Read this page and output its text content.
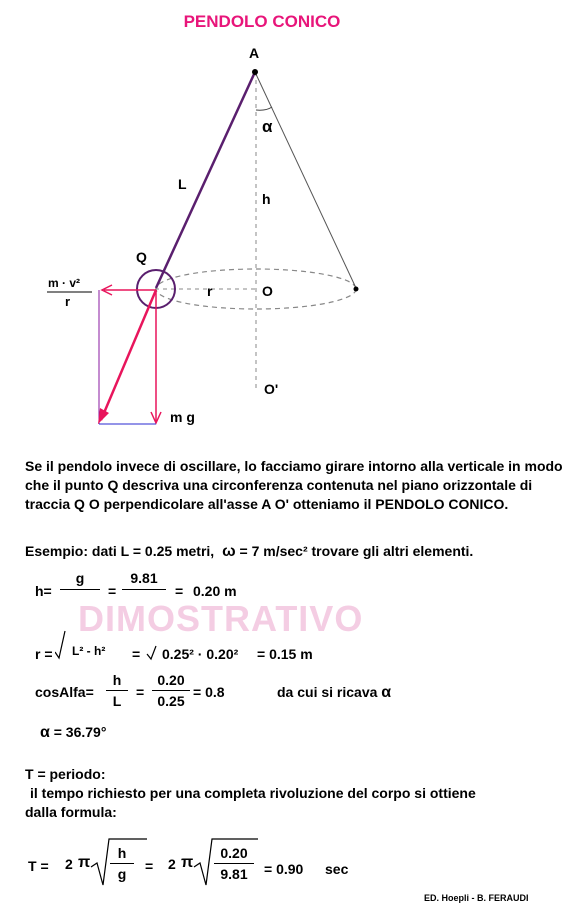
PENDOLO CONICO
A
α
L
h
Q
r	O
O'
m g
m · v²
r
Se il pendolo invece di oscillare, lo facciamo girare intorno alla verticale in modo che il punto Q descriva una circonferenza contenuta nel piano orizzontale di traccia Q O perpendicolare all'asse A O' otteniamo il PENDOLO CONICO.
Esempio: dati L = 0.25 metri, ω = 7 m/sec² trovare gli altri elementi.
h=
g

=
9.81

= 0.20 m
DIMOSTRATIVO
r = L² - h² = 0.25² · 0.20² = 0.15 m
cosAlfa=
h
L
=
0.20
0.25
= 0.8	da cui si ricava α
α = 36.79°
T = periodo:
il tempo richiesto per una completa rivoluzione del corpo si ottiene
dalla formula:
T = 2 π
h
g	= 2 π
0.20
9.81	= 0.90 sec
ED. Hoepli - B. FERAUDI
